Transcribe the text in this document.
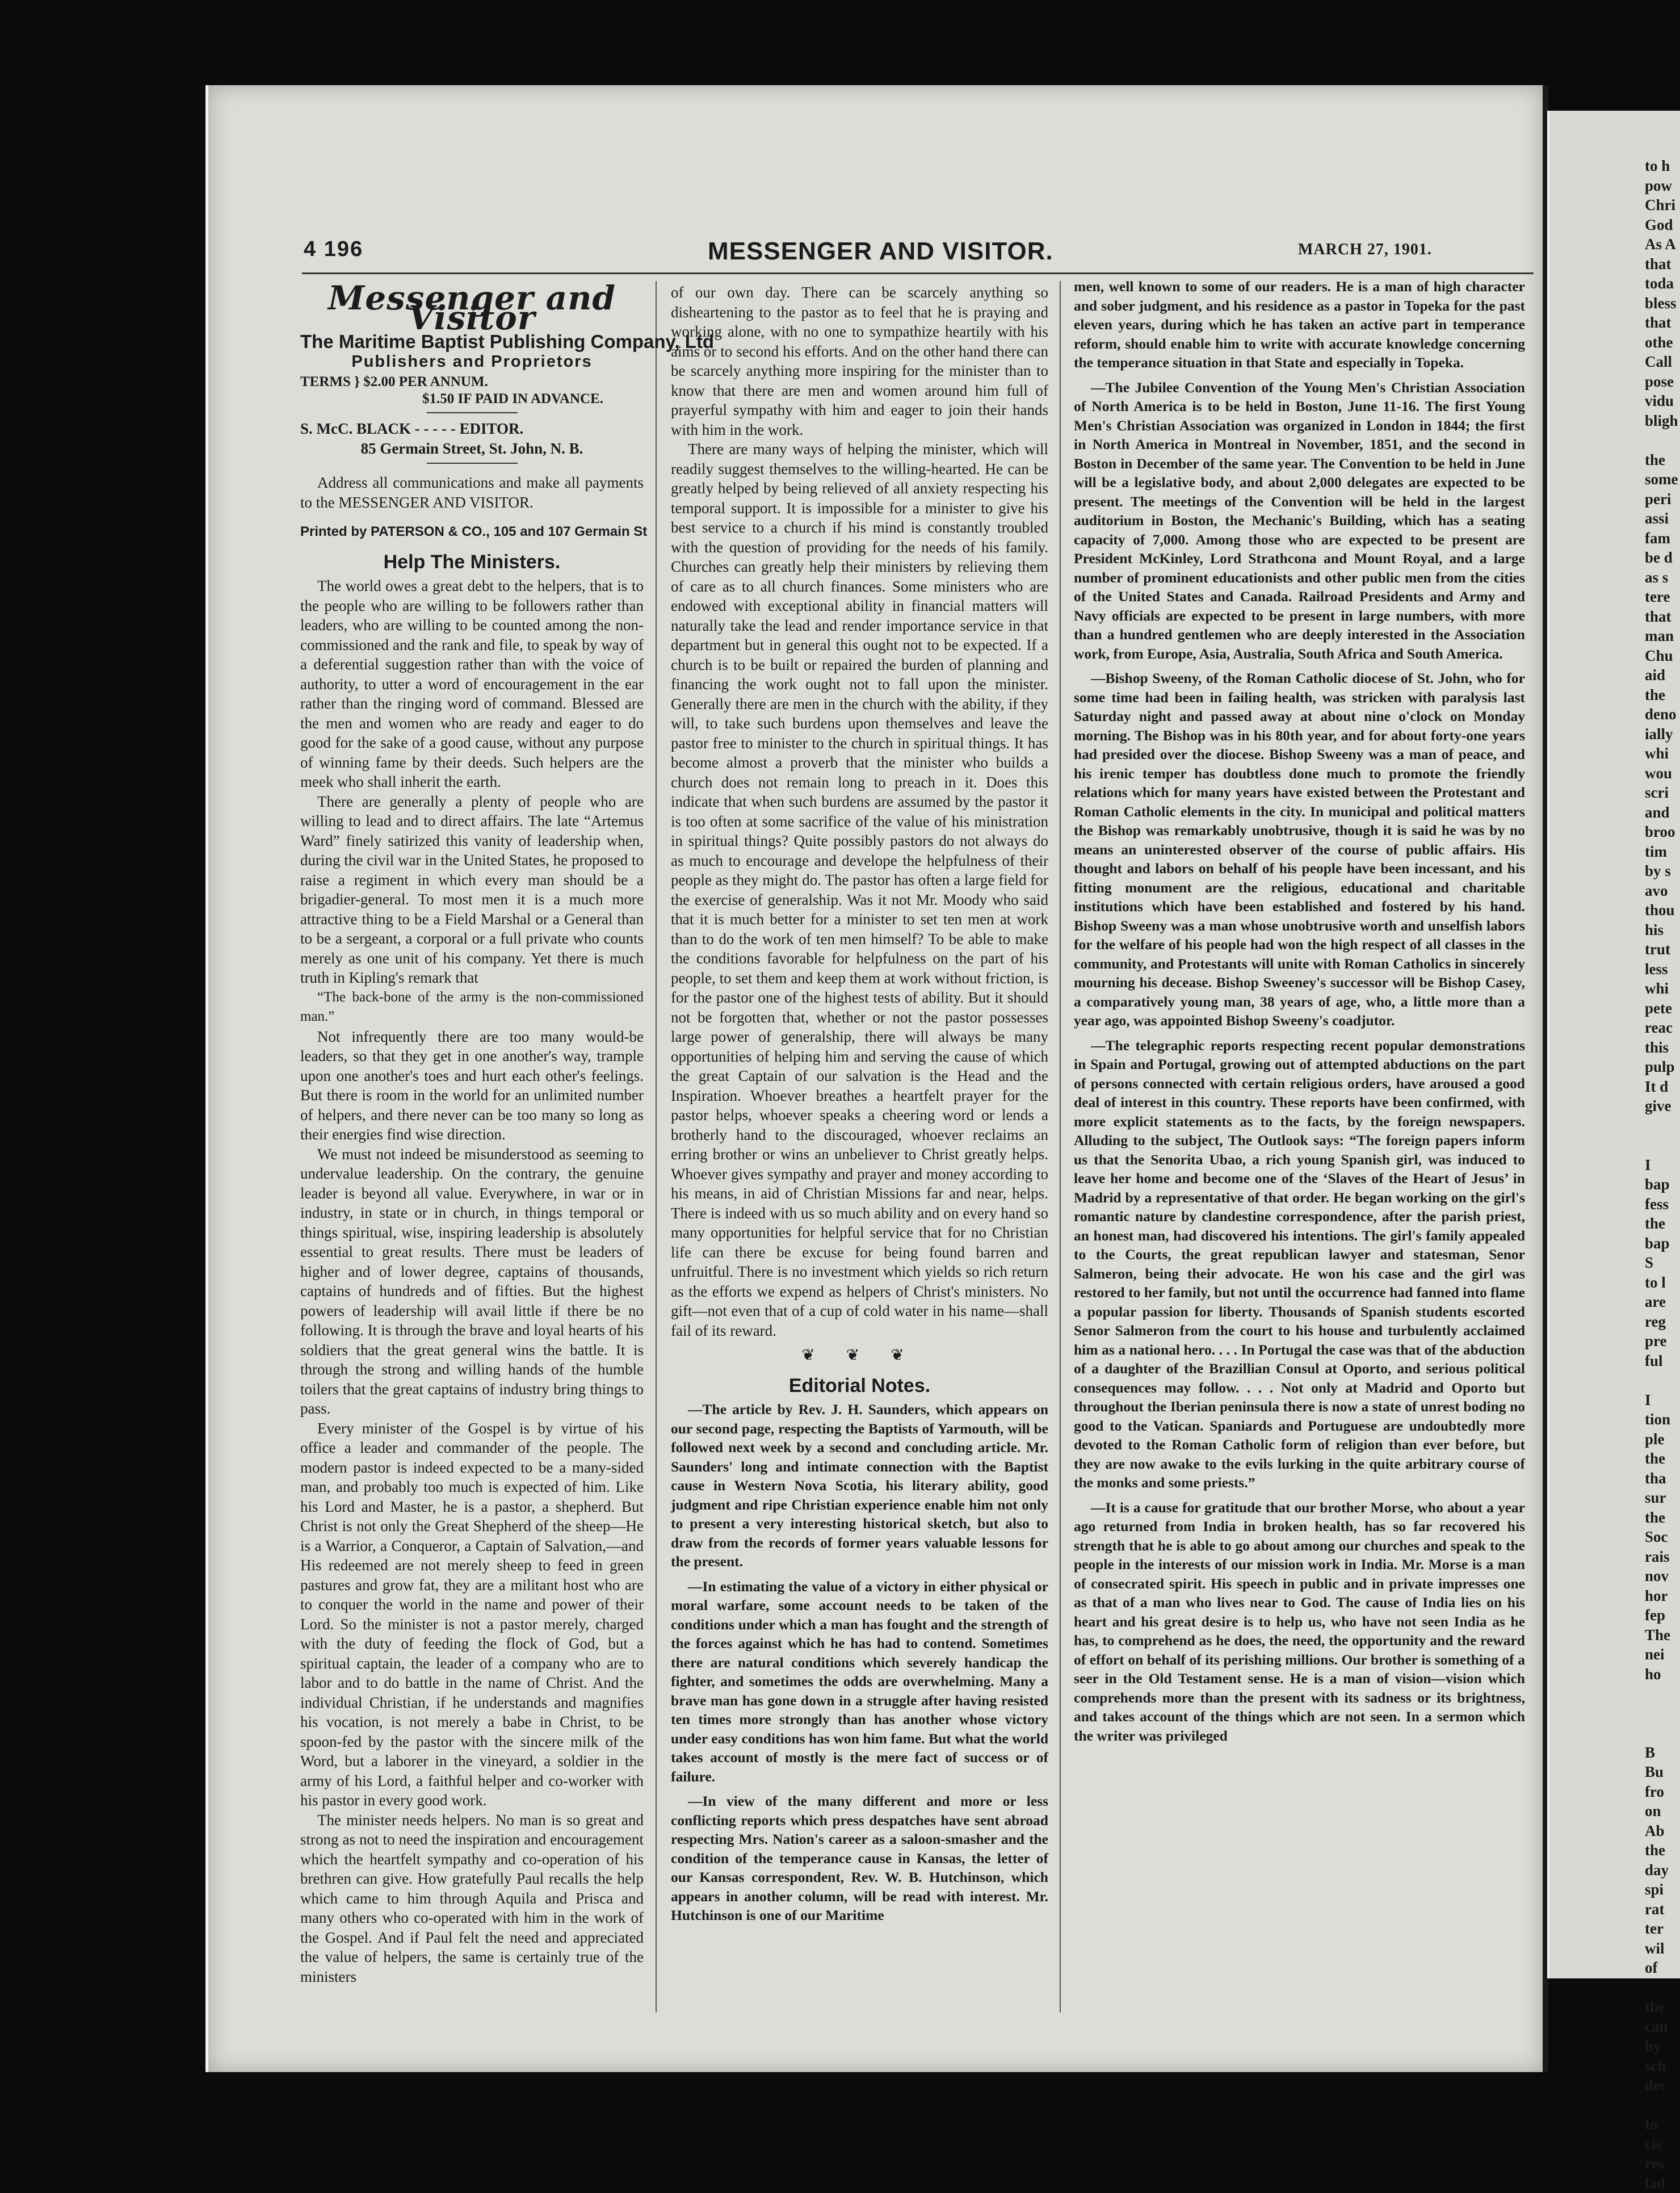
4 196	MESSENGER AND VISITOR.	MARCH 27, 1901.
Messenger and Visitor
The Maritime Baptist Publishing Company, Ltd
Publishers and Proprietors
TERMS } $2.00 PER ANNUM.
$1.50 IF PAID IN ADVANCE.
S. McC. BLACK - - - - - EDITOR.
85 Germain Street, St. John, N. B.

Address all communications and make all payments to the MESSENGER AND VISITOR.

Printed by PATERSON & CO., 105 and 107 Germain St
Help The Ministers.

The world owes a great debt to the helpers, that is to the people who are willing to be followers rather than leaders, who are willing to be counted among the non-commissioned and the rank and file, to speak by way of a deferential suggestion rather than with the voice of authority, to utter a word of encouragement in the ear rather than the ringing word of command. Blessed are the men and women who are ready and eager to do good for the sake of a good cause, without any purpose of winning fame by their deeds. Such helpers are the meek who shall inherit the earth.

There are generally a plenty of people who are willing to lead and to direct affairs. The late “Artemus Ward” finely satirized this vanity of leadership when, during the civil war in the United States, he proposed to raise a regiment in which every man should be a brigadier-general. To most men it is a much more attractive thing to be a Field Marshal or a General than to be a sergeant, a corporal or a full private who counts merely as one unit of his company. Yet there is much truth in Kipling's remark that

“The back-bone of the army is the non-commissioned man.”

Not infrequently there are too many would-be leaders, so that they get in one another's way, trample upon one another's toes and hurt each other's feelings. But there is room in the world for an unlimited number of helpers, and there never can be too many so long as their energies find wise direction.

We must not indeed be misunderstood as seeming to undervalue leadership. On the contrary, the genuine leader is beyond all value. Everywhere, in war or in industry, in state or in church, in things temporal or things spiritual, wise, inspiring leadership is absolutely essential to great results. There must be leaders of higher and of lower degree, captains of thousands, captains of hundreds and of fifties. But the highest powers of leadership will avail little if there be no following. It is through the brave and loyal hearts of his soldiers that the great general wins the battle. It is through the strong and willing hands of the humble toilers that the great captains of industry bring things to pass.

Every minister of the Gospel is by virtue of his office a leader and commander of the people. The modern pastor is indeed expected to be a many-sided man, and probably too much is expected of him. Like his Lord and Master, he is a pastor, a shepherd. But Christ is not only the Great Shepherd of the sheep—He is a Warrior, a Conqueror, a Captain of Salvation,—and His redeemed are not merely sheep to feed in green pastures and grow fat, they are a militant host who are to conquer the world in the name and power of their Lord. So the minister is not a pastor merely, charged with the duty of feeding the flock of God, but a spiritual captain, the leader of a company who are to labor and to do battle in the name of Christ. And the individual Christian, if he understands and magnifies his vocation, is not merely a babe in Christ, to be spoon-fed by the pastor with the sincere milk of the Word, but a laborer in the vineyard, a soldier in the army of his Lord, a faithful helper and co-worker with his pastor in every good work.

The minister needs helpers. No man is so great and strong as not to need the inspiration and encouragement which the heartfelt sympathy and co-operation of his brethren can give. How gratefully Paul recalls the help which came to him through Aquila and Prisca and many others who co-operated with him in the work of the Gospel. And if Paul felt the need and appreciated the value of helpers, the same is certainly true of the ministers

of our own day. There can be scarcely anything so disheartening to the pastor as to feel that he is praying and working alone, with no one to sympathize heartily with his aims or to second his efforts. And on the other hand there can be scarcely anything more inspiring for the minister than to know that there are men and women around him full of prayerful sympathy with him and eager to join their hands with him in the work.

There are many ways of helping the minister, which will readily suggest themselves to the willing-hearted. He can be greatly helped by being relieved of all anxiety respecting his temporal support. It is impossible for a minister to give his best service to a church if his mind is constantly troubled with the question of providing for the needs of his family. Churches can greatly help their ministers by relieving them of care as to all church finances. Some ministers who are endowed with exceptional ability in financial matters will naturally take the lead and render importance service in that department but in general this ought not to be expected. If a church is to be built or repaired the burden of planning and financing the work ought not to fall upon the minister. Generally there are men in the church with the ability, if they will, to take such burdens upon themselves and leave the pastor free to minister to the church in spiritual things. It has become almost a proverb that the minister who builds a church does not remain long to preach in it. Does this indicate that when such burdens are assumed by the pastor it is too often at some sacrifice of the value of his ministration in spiritual things? Quite possibly pastors do not always do as much to encourage and develope the helpfulness of their people as they might do. The pastor has often a large field for the exercise of generalship. Was it not Mr. Moody who said that it is much better for a minister to set ten men at work than to do the work of ten men himself? To be able to make the conditions favorable for helpfulness on the part of his people, to set them and keep them at work without friction, is for the pastor one of the highest tests of ability. But it should not be forgotten that, whether or not the pastor possesses large power of generalship, there will always be many opportunities of helping him and serving the cause of which the great Captain of our salvation is the Head and the Inspiration. Whoever breathes a heartfelt prayer for the pastor helps, whoever speaks a cheering word or lends a brotherly hand to the discouraged, whoever reclaims an erring brother or wins an unbeliever to Christ greatly helps. Whoever gives sympathy and prayer and money according to his means, in aid of Christian Missions far and near, helps. There is indeed with us so much ability and on every hand so many opportunities for helpful service that for no Christian life can there be excuse for being found barren and unfruitful. There is no investment which yields so rich return as the efforts we expend as helpers of Christ's ministers. No gift—not even that of a cup of cold water in his name—shall fail of its reward.

❦ ❦ ❦
Editorial Notes.

—The article by Rev. J. H. Saunders, which appears on our second page, respecting the Baptists of Yarmouth, will be followed next week by a second and concluding article. Mr. Saunders' long and intimate connection with the Baptist cause in Western Nova Scotia, his literary ability, good judgment and ripe Christian experience enable him not only to present a very interesting historical sketch, but also to draw from the records of former years valuable lessons for the present.

—In estimating the value of a victory in either physical or moral warfare, some account needs to be taken of the conditions under which a man has fought and the strength of the forces against which he has had to contend. Sometimes there are natural conditions which severely handicap the fighter, and sometimes the odds are overwhelming. Many a brave man has gone down in a struggle after having resisted ten times more strongly than has another whose victory under easy conditions has won him fame. But what the world takes account of mostly is the mere fact of success or of failure.

—In view of the many different and more or less conflicting reports which press despatches have sent abroad respecting Mrs. Nation's career as a saloon-smasher and the condition of the temperance cause in Kansas, the letter of our Kansas correspondent, Rev. W. B. Hutchinson, which appears in another column, will be read with interest. Mr. Hutchinson is one of our Maritime

men, well known to some of our readers. He is a man of high character and sober judgment, and his residence as a pastor in Topeka for the past eleven years, during which he has taken an active part in temperance reform, should enable him to write with accurate knowledge concerning the temperance situation in that State and especially in Topeka.

—The Jubilee Convention of the Young Men's Christian Association of North America is to be held in Boston, June 11-16. The first Young Men's Christian Association was organized in London in 1844; the first in North America in Montreal in November, 1851, and the second in Boston in December of the same year. The Convention to be held in June will be a legislative body, and about 2,000 delegates are expected to be present. The meetings of the Convention will be held in the largest auditorium in Boston, the Mechanic's Building, which has a seating capacity of 7,000. Among those who are expected to be present are President McKinley, Lord Strathcona and Mount Royal, and a large number of prominent educationists and other public men from the cities of the United States and Canada. Railroad Presidents and Army and Navy officials are expected to be present in large numbers, with more than a hundred gentlemen who are deeply interested in the Association work, from Europe, Asia, Australia, South Africa and South America.

—Bishop Sweeny, of the Roman Catholic diocese of St. John, who for some time had been in failing health, was stricken with paralysis last Saturday night and passed away at about nine o'clock on Monday morning. The Bishop was in his 80th year, and for about forty-one years had presided over the diocese. Bishop Sweeny was a man of peace, and his irenic temper has doubtless done much to promote the friendly relations which for many years have existed between the Protestant and Roman Catholic elements in the city. In municipal and political matters the Bishop was remarkably unobtrusive, though it is said he was by no means an uninterested observer of the course of public affairs. His thought and labors on behalf of his people have been incessant, and his fitting monument are the religious, educational and charitable institutions which have been established and fostered by his hand. Bishop Sweeny was a man whose unobtrusive worth and unselfish labors for the welfare of his people had won the high respect of all classes in the community, and Protestants will unite with Roman Catholics in sincerely mourning his decease. Bishop Sweeney's successor will be Bishop Casey, a comparatively young man, 38 years of age, who, a little more than a year ago, was appointed Bishop Sweeny's coadjutor.

—The telegraphic reports respecting recent popular demonstrations in Spain and Portugal, growing out of attempted abductions on the part of persons connected with certain religious orders, have aroused a good deal of interest in this country. These reports have been confirmed, with more explicit statements as to the facts, by the foreign newspapers. Alluding to the subject, The Outlook says: “The foreign papers inform us that the Senorita Ubao, a rich young Spanish girl, was induced to leave her home and become one of the ‘Slaves of the Heart of Jesus’ in Madrid by a representative of that order. He began working on the girl's romantic nature by clandestine correspondence, after the parish priest, an honest man, had discovered his intentions. The girl's family appealed to the Courts, the great republican lawyer and statesman, Senor Salmeron, being their advocate. He won his case and the girl was restored to her family, but not until the occurrence had fanned into flame a popular passion for liberty. Thousands of Spanish students escorted Senor Salmeron from the court to his house and turbulently acclaimed him as a national hero. . . . In Portugal the case was that of the abduction of a daughter of the Brazillian Consul at Oporto, and serious political consequences may follow. . . . Not only at Madrid and Oporto but throughout the Iberian peninsula there is now a state of unrest boding no good to the Vatican. Spaniards and Portuguese are undoubtedly more devoted to the Roman Catholic form of religion than ever before, but they are now awake to the evils lurking in the quite arbitrary course of the monks and some priests.”

—It is a cause for gratitude that our brother Morse, who about a year ago returned from India in broken health, has so far recovered his strength that he is able to go about among our churches and speak to the people in the interests of our mission work in India. Mr. Morse is a man of consecrated spirit. His speech in public and in private impresses one as that of a man who lives near to God. The cause of India lies on his heart and his great desire is to help us, who have not seen India as he has, to comprehend as he does, the need, the opportunity and the reward of effort on behalf of its perishing millions. Our brother is something of a seer in the Old Testament sense. He is a man of vision—vision which comprehends more than the present with its sadness or its brightness, and takes account of the things which are not seen. In a sermon which the writer was privileged

to h
pow
Chri
God
As A
that
toda
bless
that
othe
Call
pose
vidu
bligh

the
some
peri
assi
fam
be d
as s
tere
that
man
Chu
aid
the
deno
ially
whi
wou
scri
and
broo
tim
by s
avo
thou
his
trut
less
whi
pete
reac
this
pulp
It d
give

I
bap
fess
the
bap
S
to l
are
reg
pre
ful

I
tion
ple
the
tha
sur
the
Soc
rais
nov
hor
fep
The
nei
ho

B
Bu
fro
on
Ab
the
day
spi
rat
ter
wil
of

the
can
by
sch
dec

to
cis
res
lad
